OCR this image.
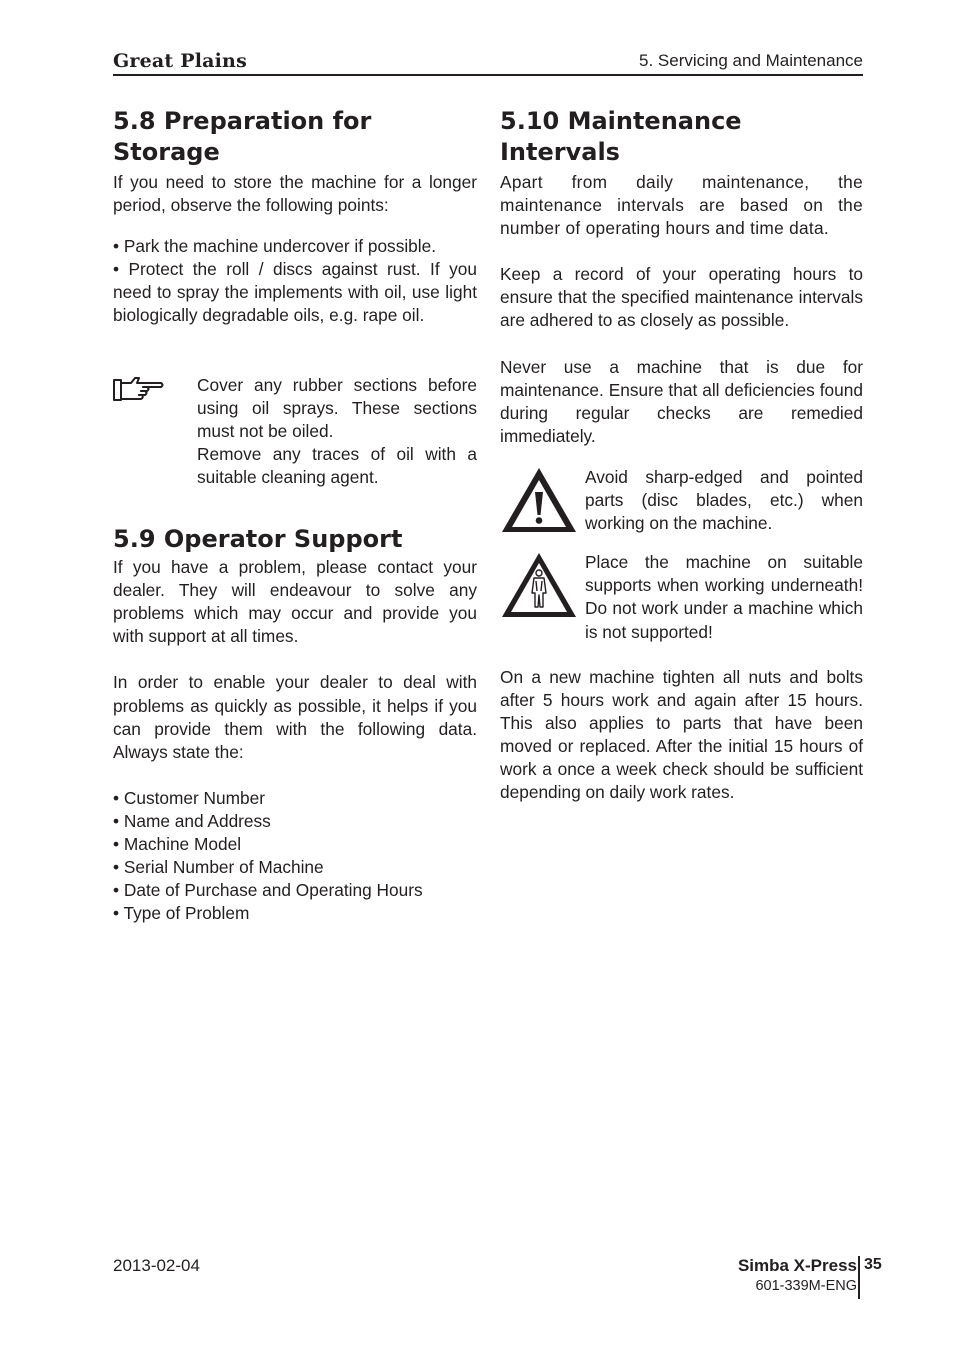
Great Plains	5. Servicing and Maintenance
5.8 Preparation for
Storage

If you need to store the machine for a longer period, observe the following points:

• Park the machine undercover if possible.

• Protect the roll / discs against rust. If you need to spray the implements with oil, use light biologically degradable oils, e.g. rape oil.

Cover any rubber sections before using oil sprays. These sections must not be oiled.

Remove any traces of oil with a suitable cleaning agent.

5.9 Operator Support

If you have a problem, please contact your dealer. They will endeavour to solve any problems which may occur and provide you with support at all times.

In order to enable your dealer to deal with problems as quickly as possible, it helps if you can provide them with the following data. Always state the:

• Customer Number
• Name and Address
• Machine Model
• Serial Number of Machine
• Date of Purchase and Operating Hours
• Type of Problem
5.10 Maintenance
Intervals

Apart from daily maintenance, the maintenance intervals are based on the number of operating hours and time data.

Keep a record of your operating hours to ensure that the specified maintenance intervals are adhered to as closely as possible.

Never use a machine that is due for maintenance. Ensure that all deficiencies found during regular checks are remedied immediately.

Avoid sharp-edged and pointed parts (disc blades, etc.) when working on the machine.

Place the machine on suitable supports when working underneath! Do not work under a machine which is not supported!

On a new machine tighten all nuts and bolts after 5 hours work and again after 15 hours. This also applies to parts that have been moved or replaced. After the initial 15 hours of work a once a week check should be sufficient depending on daily work rates.

2013-02-04	Simba X-Press
601-339M-ENG
35
